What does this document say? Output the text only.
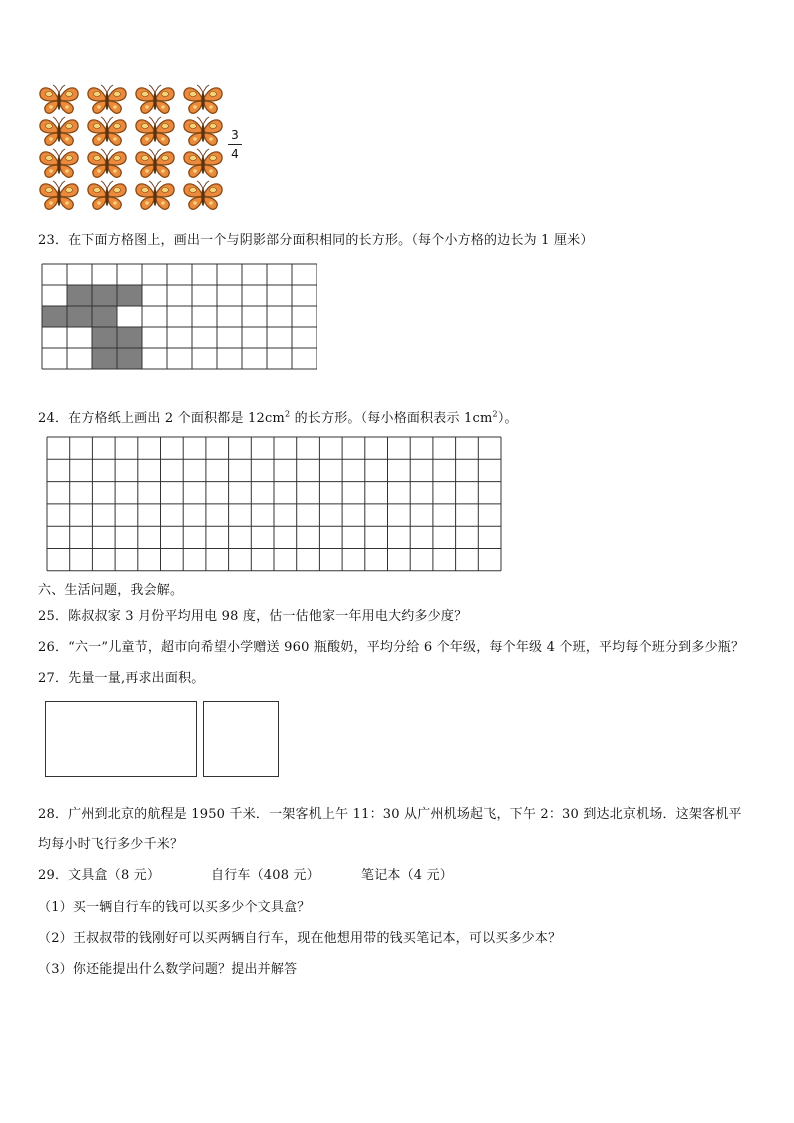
3
4
23．在下面方格图上，画出一个与阴影部分面积相同的长方形。（每个小方格的边长为 1 厘米）
24．在方格纸上画出 2 个面积都是 $12cm^2$ 的长方形。（每小格面积表示 $1cm^2$）。
六、生活问题，我会解。
25．陈叔叔家 3 月份平均用电 98 度，估一估他家一年用电大约多少度？
26．“六一”儿童节，超市向希望小学赠送 960 瓶酸奶，平均分给 6 个年级，每个年级 4 个班，平均每个班分到多少瓶？
27．先量一量,再求出面积。
28．广州到北京的航程是 1950 千米．一架客机上午 11：30 从广州机场起飞，下午 2：30 到达北京机场．这架客机平
均每小时飞行多少千米？
29．文具盒（8 元）	自行车（408 元）	笔记本（4 元）
（1）买一辆自行车的钱可以买多少个文具盒？
（2）王叔叔带的钱刚好可以买两辆自行车，现在他想用带的钱买笔记本，可以买多少本？
（3）你还能提出什么数学问题？提出并解答
